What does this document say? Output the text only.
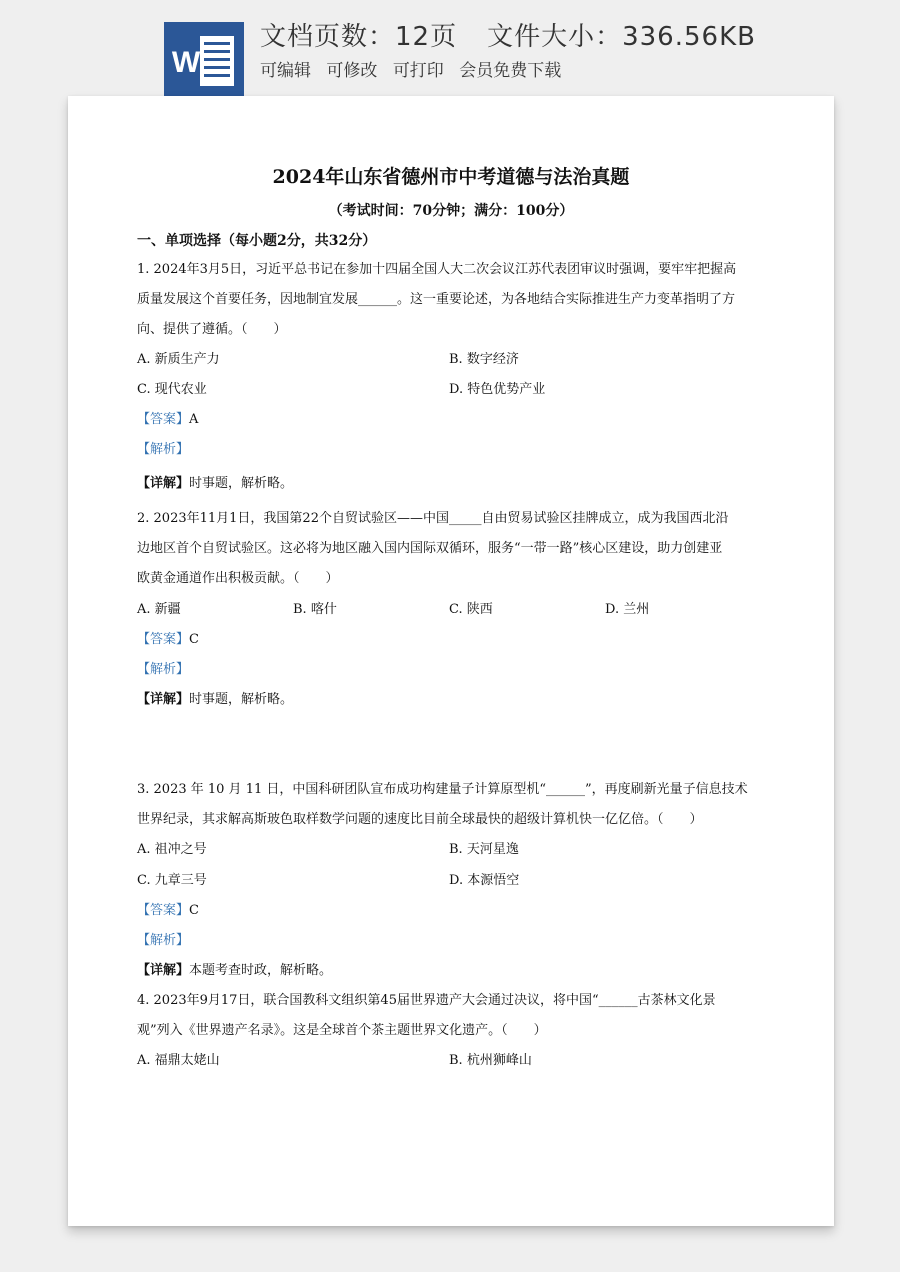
W
文档页数：12页 文件大小：336.56KB
可编辑 可修改 可打印 会员免费下载
2024年山东省德州市中考道德与法治真题
（考试时间：70分钟；满分：100分）
一、单项选择（每小题2分，共32分）
1. 2024年3月5日，习近平总书记在参加十四届全国人大二次会议江苏代表团审议时强调，要牢牢把握高
质量发展这个首要任务，因地制宜发展______。这一重要论述，为各地结合实际推进生产力变革指明了方
向、提供了遵循。（　　）
A. 新质生产力	B. 数字经济
C. 现代农业	D. 特色优势产业
【答案】A
【解析】
【详解】时事题，解析略。
2. 2023年11月1日，我国第22个自贸试验区——中国_____自由贸易试验区挂牌成立，成为我国西北沿
边地区首个自贸试验区。这必将为地区融入国内国际双循环，服务“一带一路”核心区建设，助力创建亚
欧黄金通道作出积极贡献。（　　）
A. 新疆	B. 喀什	C. 陕西	D. 兰州
【答案】C
【解析】
【详解】时事题，解析略。
3. 2023 年 10 月 11 日，中国科研团队宣布成功构建量子计算原型机“______”，再度刷新光量子信息技术
世界纪录，其求解高斯玻色取样数学问题的速度比目前全球最快的超级计算机快一亿亿倍。（　　）
A. 祖冲之号	B. 天河星逸
C. 九章三号	D. 本源悟空
【答案】C
【解析】
【详解】本题考查时政，解析略。
4. 2023年9月17日，联合国教科文组织第45届世界遗产大会通过决议，将中国“______古茶林文化景
观”列入《世界遗产名录》。这是全球首个茶主题世界文化遗产。（　　）
A. 福鼎太姥山	B. 杭州狮峰山
